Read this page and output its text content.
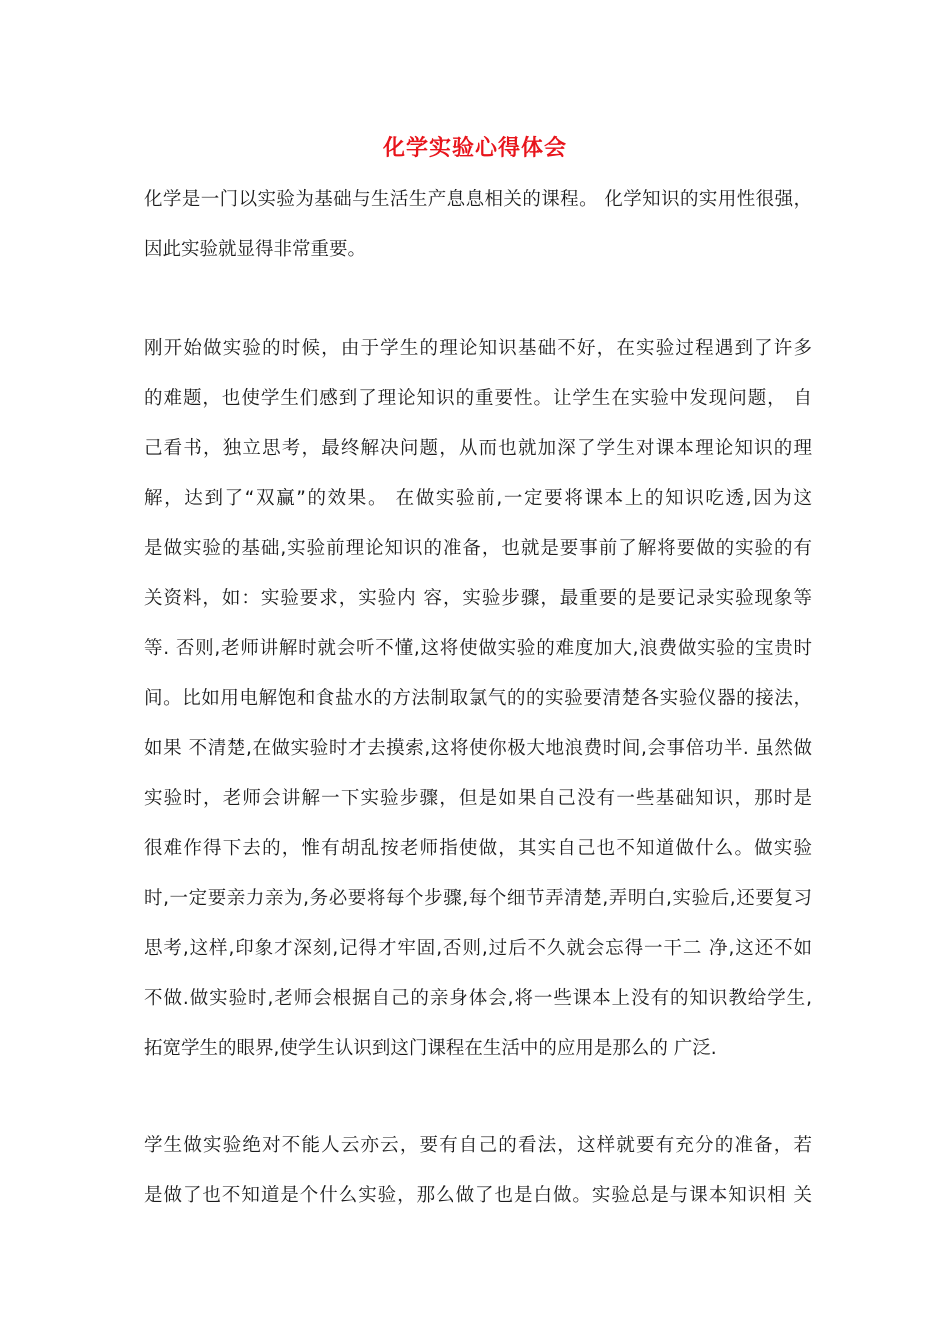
化学实验心得体会
化学是一门以实验为基础与生活生产息息相关的课程。 化学知识的实用性很强，
因此实验就显得非常重要。
刚开始做实验的时候，由于学生的理论知识基础不好，在实验过程遇到了许多
的难题，也使学生们感到了理论知识的重要性。让学生在实验中发现问题， 自
己看书，独立思考，最终解决问题，从而也就加深了学生对课本理论知识的理
解，达到了“双赢”的效果。 在做实验前,一定要将课本上的知识吃透,因为这
是做实验的基础,实验前理论知识的准备，也就是要事前了解将要做的实验的有
关资料，如：实验要求，实验内 容，实验步骤，最重要的是要记录实验现象等
等. 否则,老师讲解时就会听不懂,这将使做实验的难度加大,浪费做实验的宝贵时
间。比如用电解饱和食盐水的方法制取氯气的的实验要清楚各实验仪器的接法，
如果 不清楚,在做实验时才去摸索,这将使你极大地浪费时间,会事倍功半. 虽然做
实验时，老师会讲解一下实验步骤，但是如果自己没有一些基础知识，那时是
很难作得下去的，惟有胡乱按老师指使做，其实自己也不知道做什么。做实验
时,一定要亲力亲为,务必要将每个步骤,每个细节弄清楚,弄明白,实验后,还要复习
思考,这样,印象才深刻,记得才牢固,否则,过后不久就会忘得一干二 净,这还不如
不做.做实验时,老师会根据自己的亲身体会,将一些课本上没有的知识教给学生,
拓宽学生的眼界,使学生认识到这门课程在生活中的应用是那么的 广泛.
学生做实验绝对不能人云亦云，要有自己的看法，这样就要有充分的准备，若
是做了也不知道是个什么实验，那么做了也是白做。实验总是与课本知识相 关
